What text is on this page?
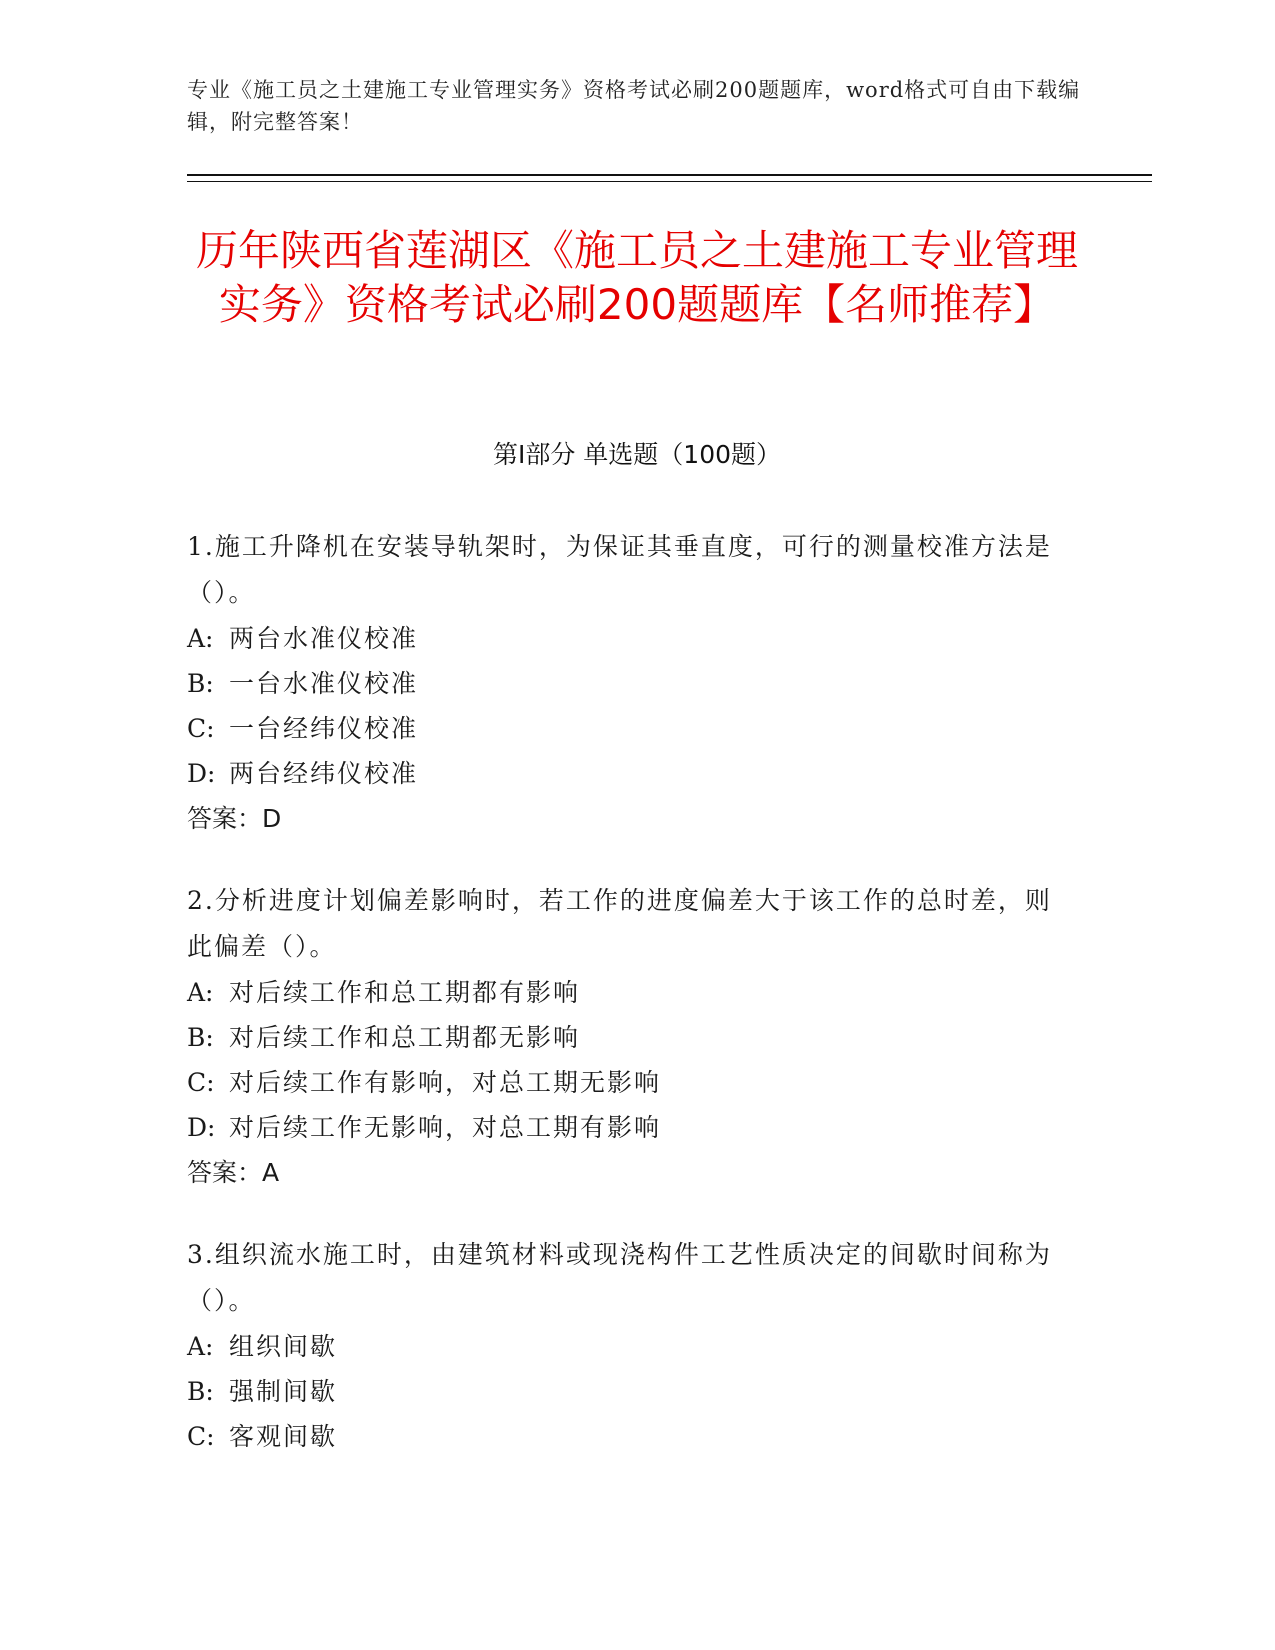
专业《施工员之土建施工专业管理实务》资格考试必刷200题题库，word格式可自由下载编辑，附完整答案！
历年陕西省莲湖区《施工员之土建施工专业管理实务》资格考试必刷200题题库【名师推荐】
第Ⅰ部分 单选题（100题）
1.施工升降机在安装导轨架时，为保证其垂直度，可行的测量校准方法是（）。
A: 两台水准仪校准
B: 一台水准仪校准
C: 一台经纬仪校准
D: 两台经纬仪校准
答案：D
2.分析进度计划偏差影响时，若工作的进度偏差大于该工作的总时差，则此偏差（）。
A: 对后续工作和总工期都有影响
B: 对后续工作和总工期都无影响
C: 对后续工作有影响，对总工期无影响
D: 对后续工作无影响，对总工期有影响
答案：A
3.组织流水施工时，由建筑材料或现浇构件工艺性质决定的间歇时间称为（）。
A: 组织间歇
B: 强制间歇
C: 客观间歇
